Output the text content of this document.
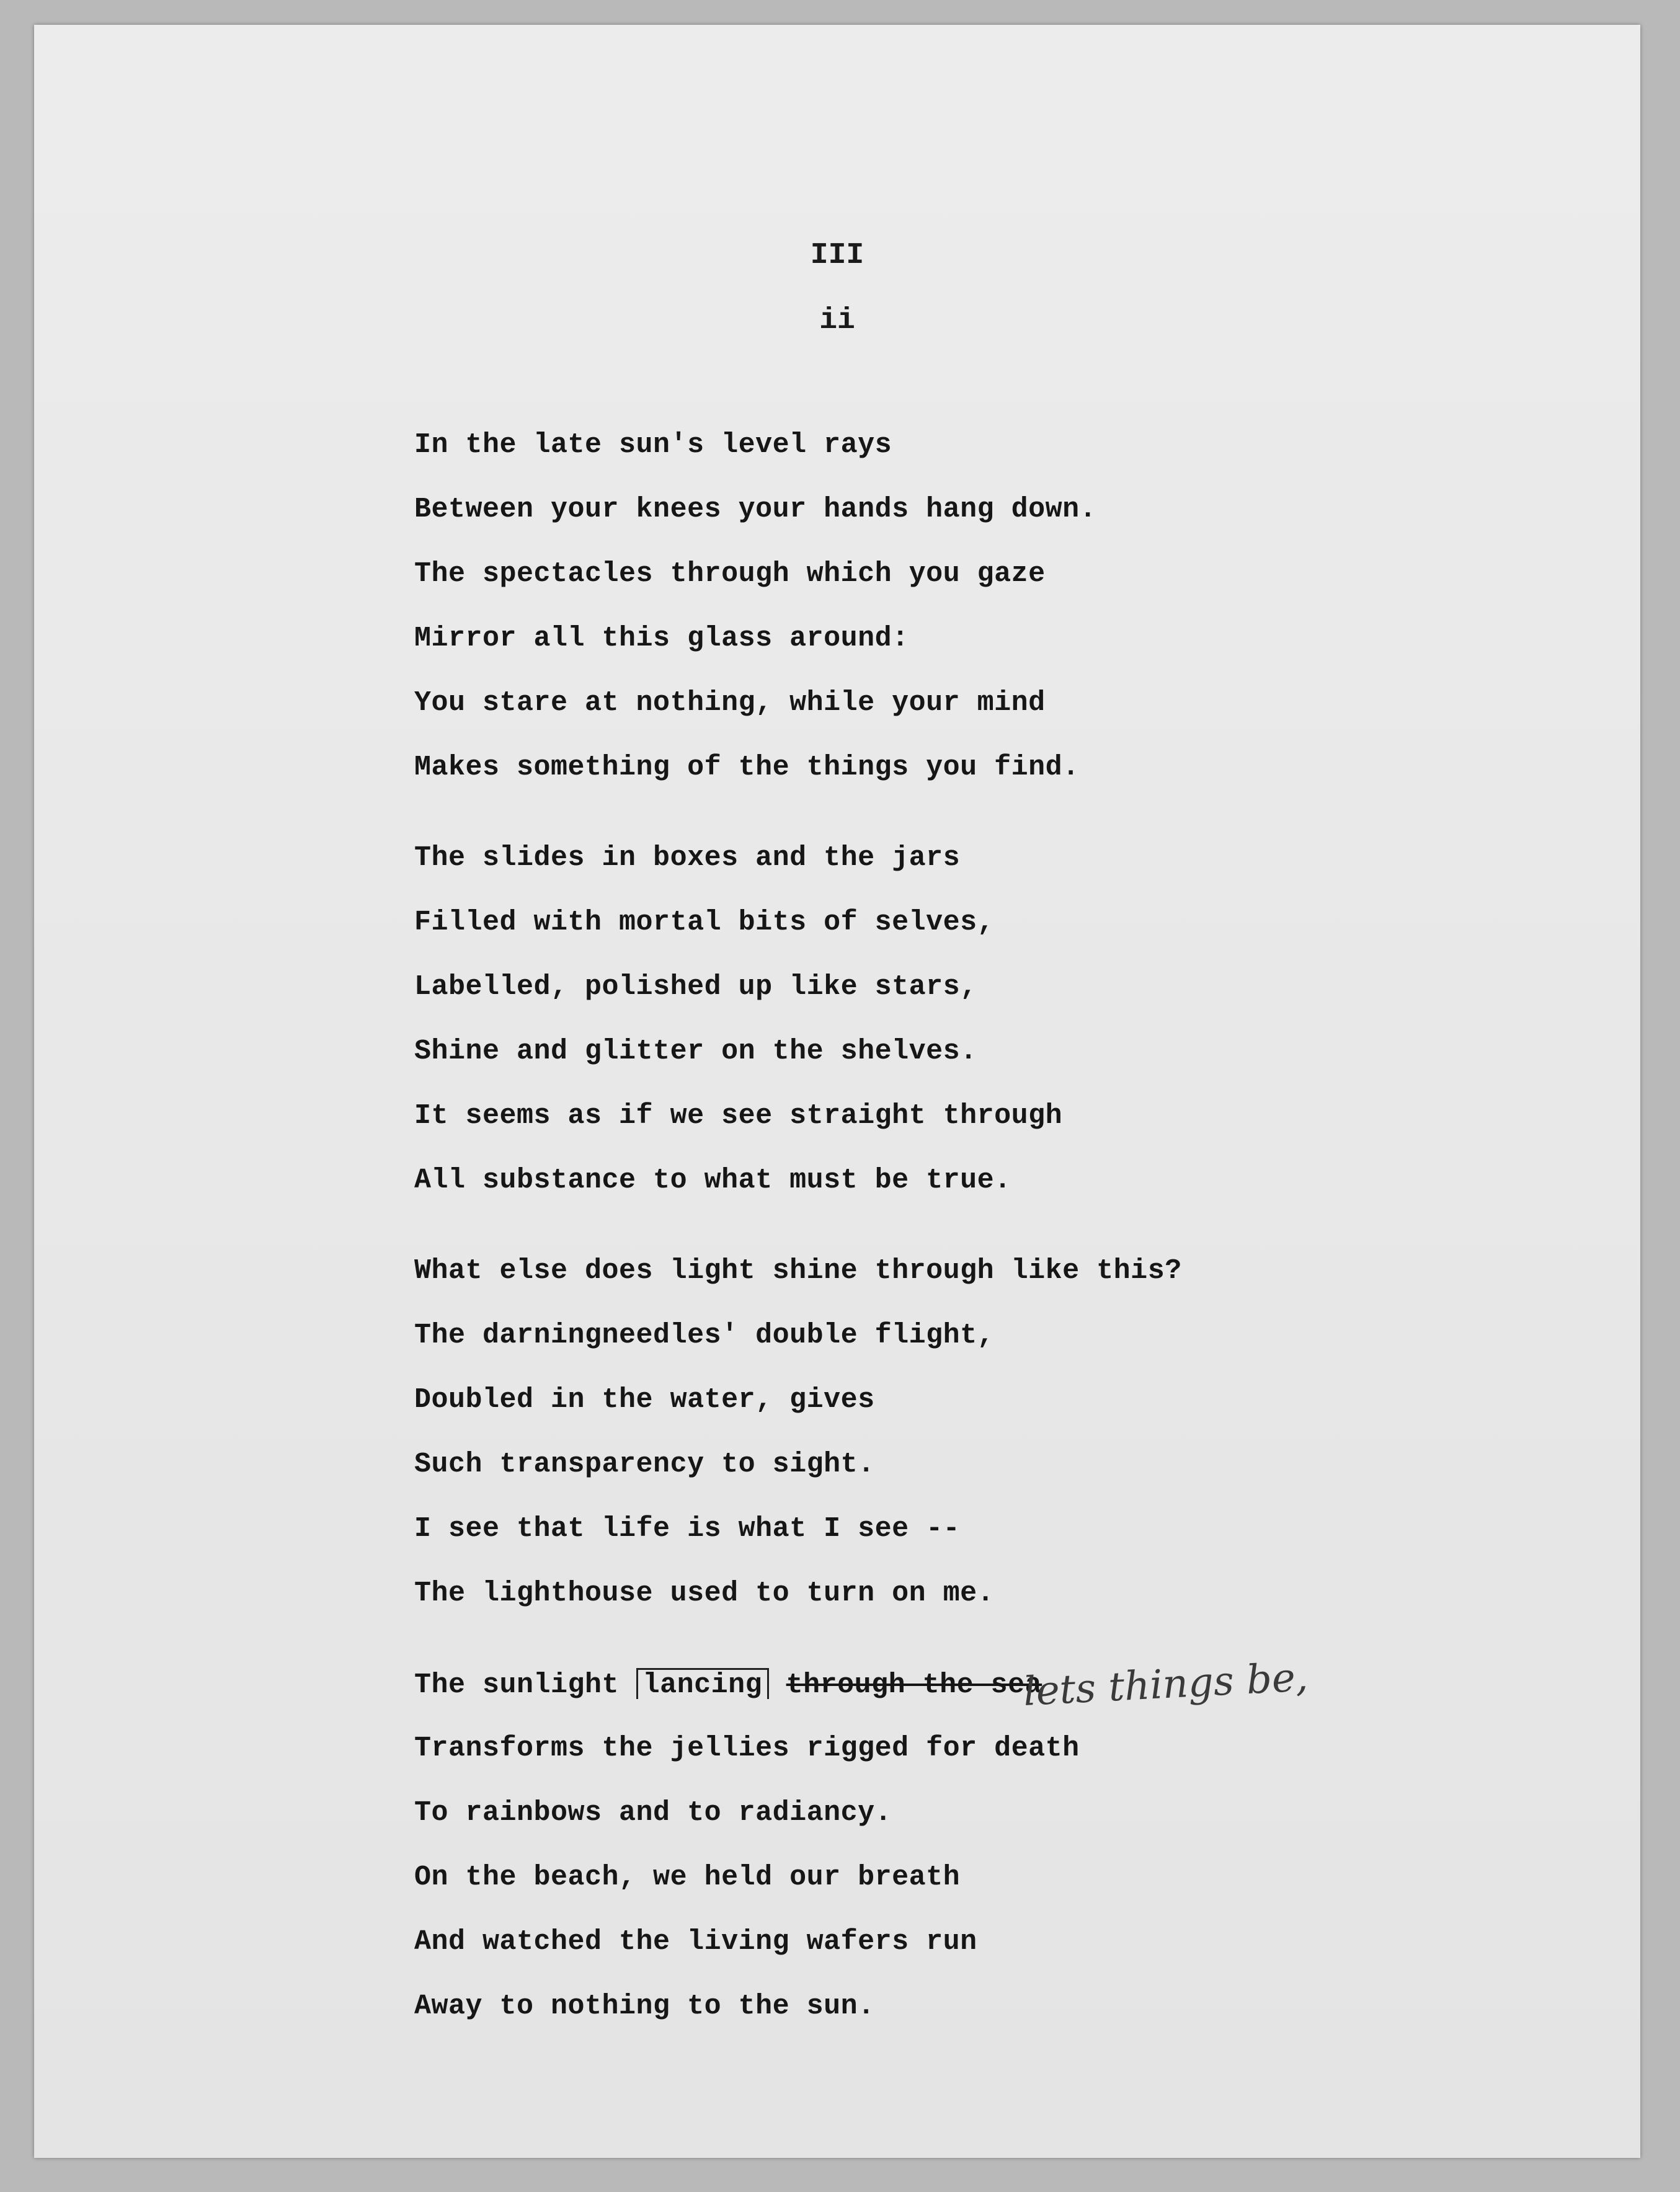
III
ii
In the late sun's level rays
Between your knees your hands hang down.
The spectacles through which you gaze
Mirror all this glass around:
You stare at nothing, while your mind
Makes something of the things you find.
The slides in boxes and the jars
Filled with mortal bits of selves,
Labelled, polished up like stars,
Shine and glitter on the shelves.
It seems as if we see straight through
All substance to what must be true.
What else does light shine through like this?
The darningneedles' double flight,
Doubled in the water, gives
Such transparency to sight.
I see that life is what I see --
The lighthouse used to turn on me.
The sunlight lancing through the sea
lets things be,
Transforms the jellies rigged for death
To rainbows and to radiancy.
On the beach, we held our breath
And watched the living wafers run
Away to nothing to the sun.
